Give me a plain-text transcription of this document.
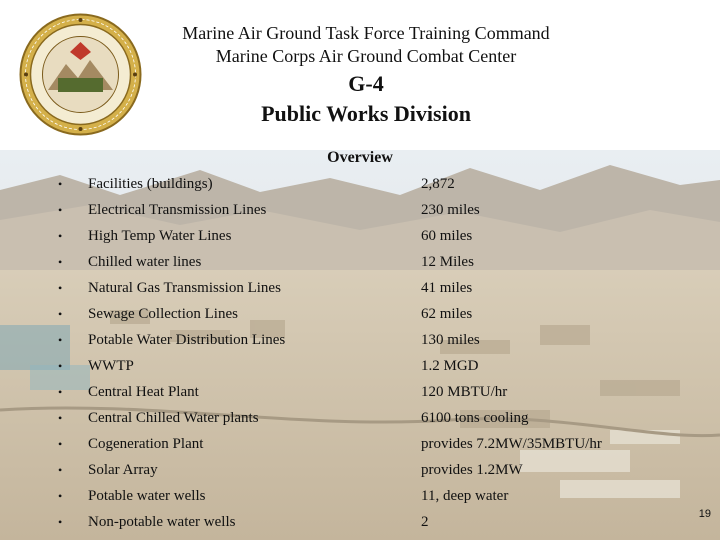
Marine Air Ground Task Force Training Command
Marine Corps Air Ground Combat Center
G-4
Public Works Division
Overview
• Facilities (buildings)	2,872
• Electrical Transmission Lines	230 miles
• High Temp Water Lines	60 miles
• Chilled water lines	12 Miles
• Natural Gas Transmission Lines	41 miles
• Sewage Collection Lines	62 miles
• Potable Water Distribution Lines	130 miles
• WWTP	1.2 MGD
• Central Heat Plant	120 MBTU/hr
• Central Chilled Water plants	6100 tons cooling
• Cogeneration Plant	provides 7.2MW/35MBTU/hr
• Solar Array	provides 1.2MW
• Potable water wells	11, deep water
• Non-potable water wells	2	19
